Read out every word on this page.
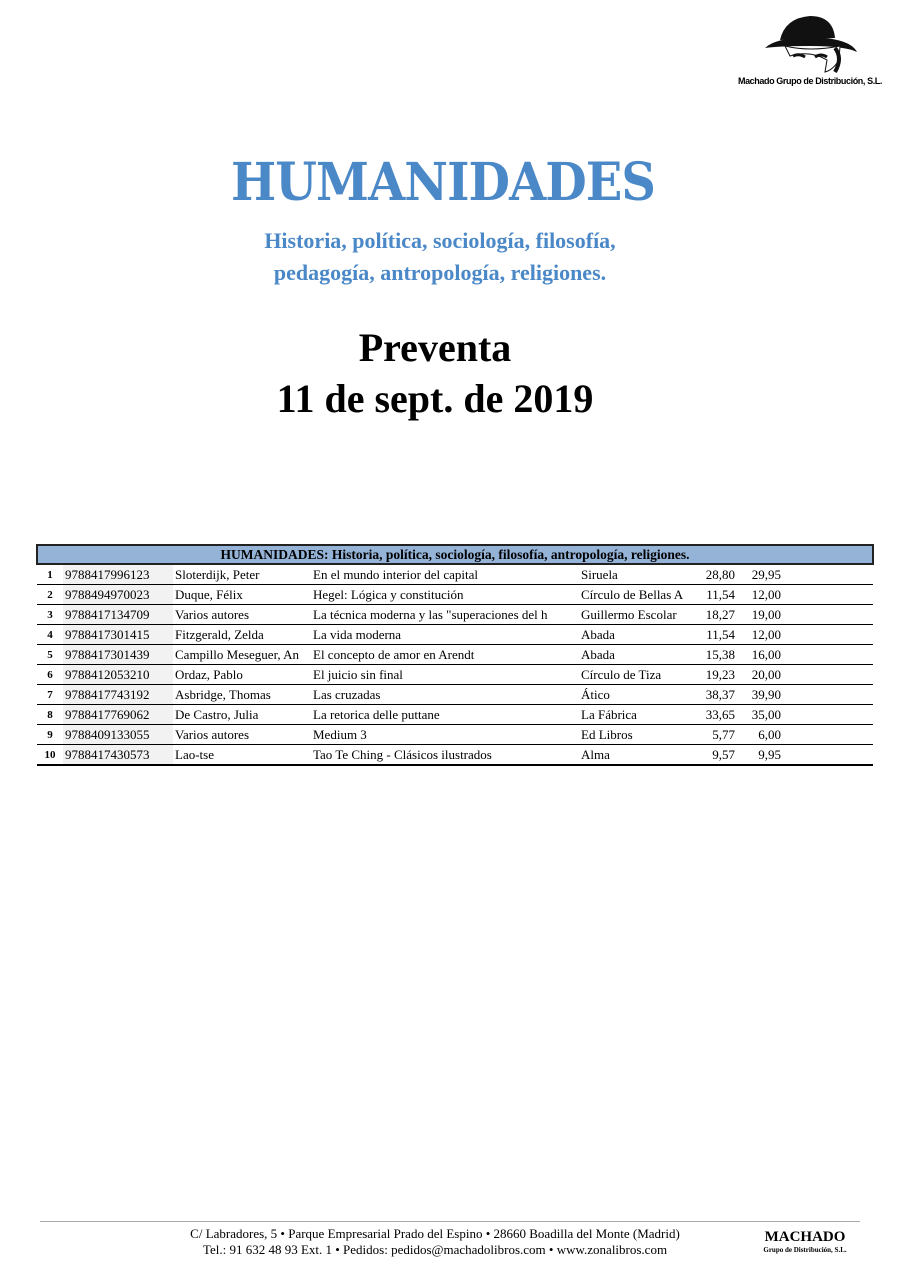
Machado Grupo de Distribución, S.L.
HUMANIDADES
Historia, política, sociología, filosofía,
pedagogía, antropología, religiones.
Preventa
11 de sept. de 2019
HUMANIDADES: Historia, política, sociología, filosofía, antropología, religiones.							
1	9788417996123	Sloterdijk, Peter	En el mundo interior del capital	Siruela	28,80	29,95	
2	9788494970023	Duque, Félix	Hegel: Lógica y constitución	Círculo de Bellas A	11,54	12,00	
3	9788417134709	Varios autores	La técnica moderna y las "superaciones del h	Guillermo Escolar	18,27	19,00	
4	9788417301415	Fitzgerald, Zelda	La vida moderna	Abada	11,54	12,00	
5	9788417301439	Campillo Meseguer, An	El concepto de amor en Arendt	Abada	15,38	16,00	
6	9788412053210	Ordaz, Pablo	El juicio sin final	Círculo de Tiza	19,23	20,00	
7	9788417743192	Asbridge, Thomas	Las cruzadas	Ático	38,37	39,90	
8	9788417769062	De Castro, Julia	La retorica delle puttane	La Fábrica	33,65	35,00	
9	9788409133055	Varios autores	Medium 3	Ed Libros	5,77	6,00	
10	9788417430573	Lao-tse	Tao Te Ching - Clásicos ilustrados	Alma	9,57	9,95	
C/ Labradores, 5 • Parque Empresarial Prado del Espino • 28660 Boadilla del Monte (Madrid)
Tel.: 91 632 48 93 Ext. 1 • Pedidos: pedidos@machadolibros.com • www.zonalibros.com
MACHADO
Grupo de Distribución, S.L.
